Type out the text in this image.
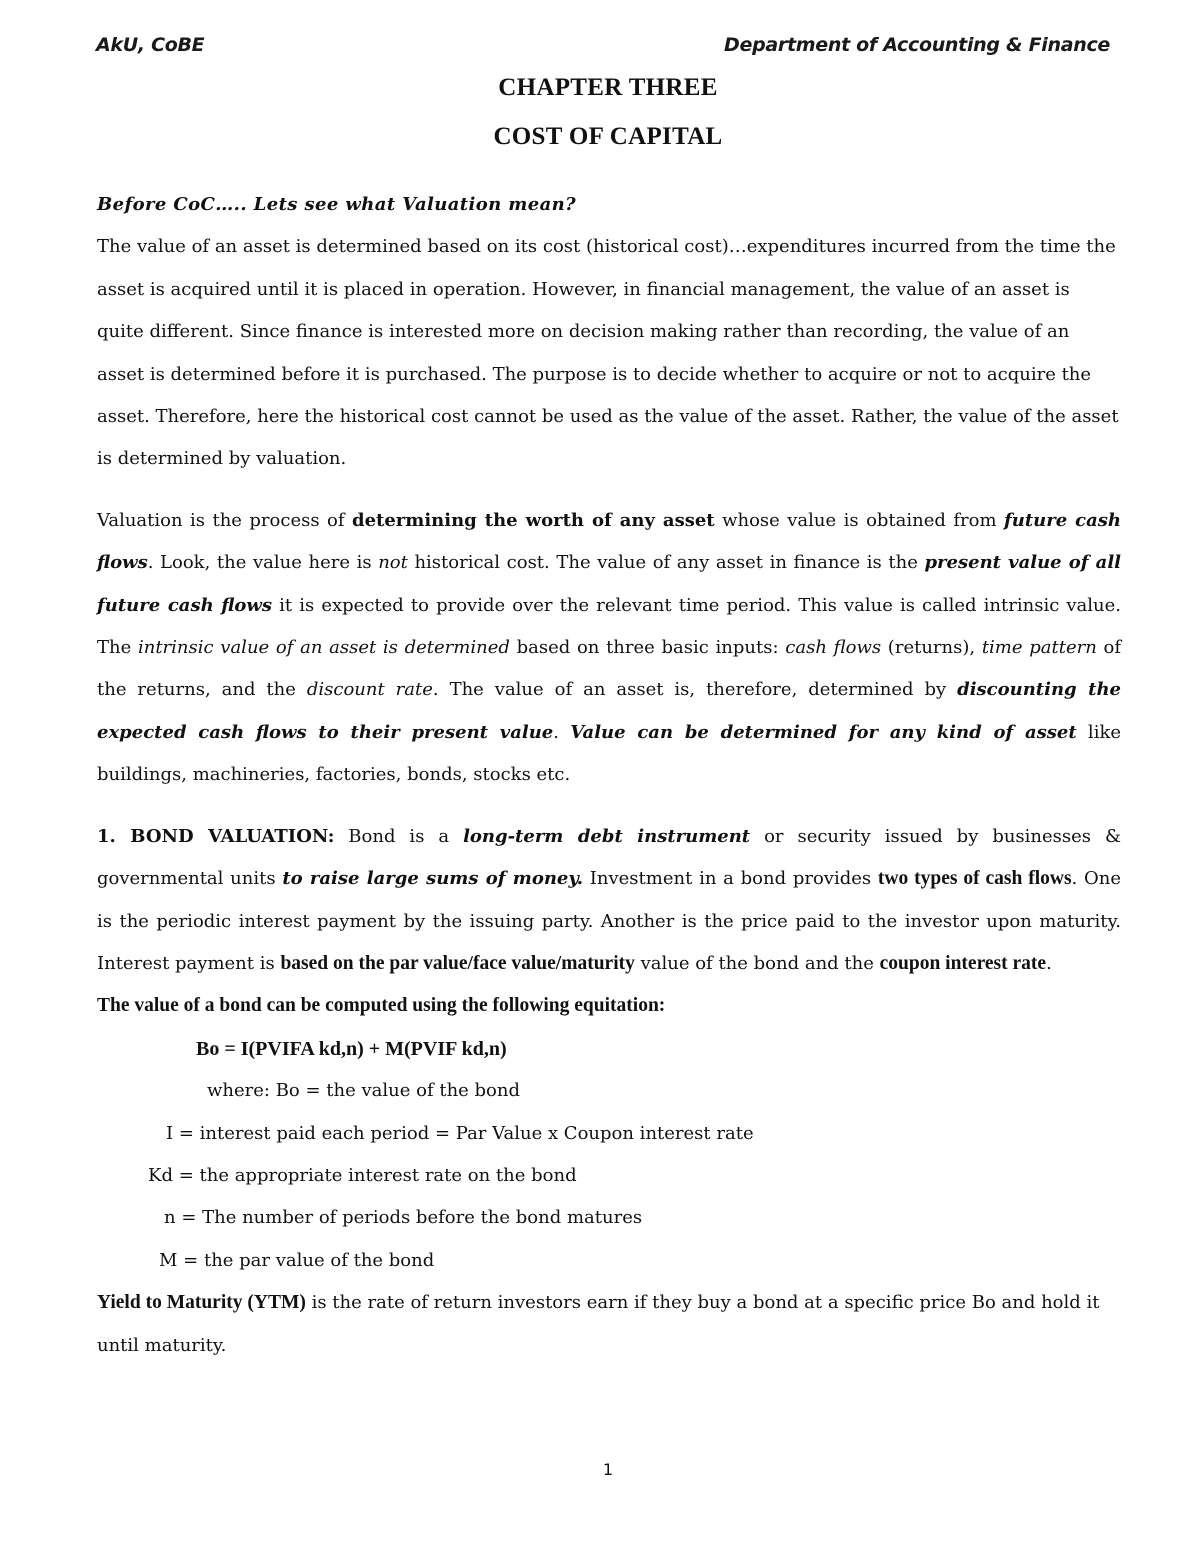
AkU, CoBE	Department of Accounting & Finance
CHAPTER THREE
COST OF CAPITAL

Before CoC….. Lets see what Valuation mean?

The value of an asset is determined based on its cost (historical cost)…expenditures incurred from the time the asset is acquired until it is placed in operation. However, in financial management, the value of an asset is quite different. Since finance is interested more on decision making rather than recording, the value of an asset is determined before it is purchased. The purpose is to decide whether to acquire or not to acquire the asset. Therefore, here the historical cost cannot be used as the value of the asset. Rather, the value of the asset is determined by valuation.

Valuation is the process of determining the worth of any asset whose value is obtained from future cash flows. Look, the value here is not historical cost. The value of any asset in finance is the present value of all future cash flows it is expected to provide over the relevant time period. This value is called intrinsic value. The intrinsic value of an asset is determined based on three basic inputs: cash flows (returns), time pattern of the returns, and the discount rate. The value of an asset is, therefore, determined by discounting the expected cash flows to their present value. Value can be determined for any kind of asset like buildings, machineries, factories, bonds, stocks etc.

1. BOND VALUATION: Bond is a long-term debt instrument or security issued by businesses & governmental units to raise large sums of money. Investment in a bond provides two types of cash flows. One is the periodic interest payment by the issuing party. Another is the price paid to the investor upon maturity. Interest payment is based on the par value/face value/maturity value of the bond and the coupon interest rate.

The value of a bond can be computed using the following equitation:

Bo = I(PVIFA kd,n) + M(PVIF kd,n)

where: Bo = the value of the bond

I = interest paid each period = Par Value x Coupon interest rate

Kd = the appropriate interest rate on the bond

n = The number of periods before the bond matures

M = the par value of the bond

Yield to Maturity (YTM) is the rate of return investors earn if they buy a bond at a specific price Bo and hold it until maturity.

1
